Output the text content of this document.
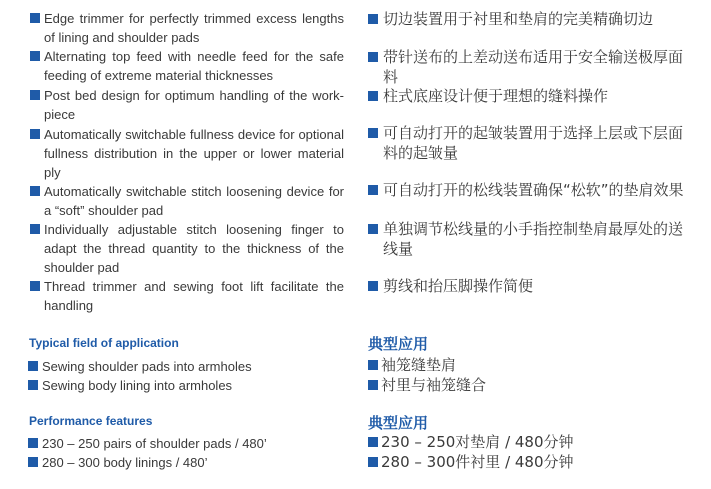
Edge trimmer for perfectly trimmed excess lengths of lining and shoulder pads
Alternating top feed with needle feed for the safe feeding of extreme material thicknesses
Post bed design for optimum handling of the work-piece
Automatically switchable fullness device for optional fullness distribution in the upper or lower material ply
Automatically switchable stitch loosening device for a “soft” shoulder pad
Individually adjustable stitch loosening finger to adapt the thread quantity to the thickness of the shoulder pad
Thread trimmer and sewing foot lift facilitate the handling
切边装置用于衬里和垫肩的完美精确切边
带针送布的上差动送布适用于安全输送极厚面料
柱式底座设计便于理想的缝料操作
可自动打开的起皱装置用于选择上层或下层面料的起皱量
可自动打开的松线装置确保“松软”的垫肩效果
单独调节松线量的小手指控制垫肩最厚处的送线量
剪线和抬压脚操作简便
Typical field of application	典型应用
Sewing shoulder pads into armholes
Sewing body lining into armholes
袖笼缝垫肩
衬里与袖笼缝合
Performance features	典型应用
230 – 250 pairs of shoulder pads / 480’
280 – 300 body linings / 480’
230 – 250对垫肩 / 480分钟
280 – 300件衬里 / 480分钟
